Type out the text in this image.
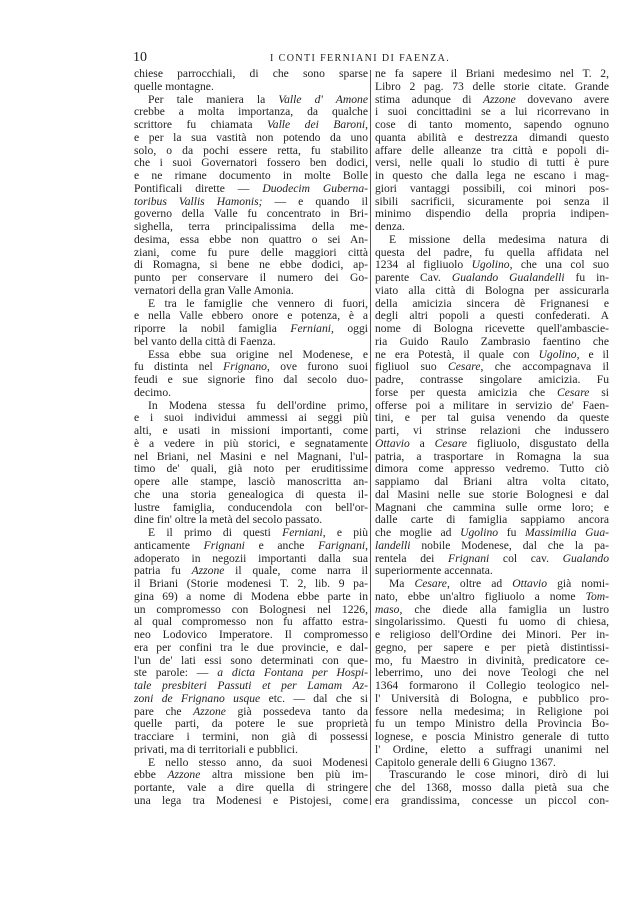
10	I CONTI FERNIANI DI FAENZA.
chiese parrocchiali, di che sono sparse
quelle montagne.
Per tale maniera la Valle d' Amone
crebbe a molta importanza, da qualche
scrittore fu chiamata Valle dei Baroni,
e per la sua vastità non potendo da uno
solo, o da pochi essere retta, fu stabilito
che i suoi Governatori fossero ben dodici,
e ne rimane documento in molte Bolle
Pontificali dirette — Duodecim Guberna-
toribus Vallis Hamonis; — e quando il
governo della Valle fu concentrato in Bri-
sighella, terra principalissima della me-
desima, essa ebbe non quattro o sei An-
ziani, come fu pure delle maggiori città
di Romagna, si bene ne ebbe dodici, ap-
punto per conservare il numero dei Go-
vernatori della gran Valle Amonia.
E tra le famiglie che vennero di fuori,
e nella Valle ebbero onore e potenza, è a
riporre la nobil famiglia Ferniani, oggi
bel vanto della città di Faenza.
Essa ebbe sua origine nel Modenese, e
fu distinta nel Frignano, ove furono suoi
feudi e sue signorie fino dal secolo duo-
decimo.
In Modena stessa fu dell'ordine primo,
e i suoi individui ammessi ai seggi più
alti, e usati in missioni importanti, come
è a vedere in più storici, e segnatamente
nel Briani, nel Masini e nel Magnani, l'ul-
timo de' quali, già noto per eruditissime
opere alle stampe, lasciò manoscritta an-
che una storia genealogica di questa il-
lustre famiglia, conducendola con bell'or-
dine fin' oltre la metà del secolo passato.
E il primo di questi Ferniani, e più
anticamente Frignani e anche Farignani,
adoperato in negozii importanti dalla sua
patria fu Azzone il quale, come narra il
il Briani (Storie modenesi T. 2, lib. 9 pa-
gina 69) a nome di Modena ebbe parte in
un compromesso con Bolognesi nel 1226,
al qual compromesso non fu affatto estra-
neo Lodovico Imperatore. Il compromesso
era per confini tra le due provincie, e dal-
l'un de' lati essi sono determinati con que-
ste parole: — a dicta Fontana per Hospi-
tale presbiteri Passuti et per Lamam Az-
zoni de Frignano usque etc. — dal che si
pare che Azzone già possedeva tanto da
quelle parti, da potere le sue proprietà
tracciare i termini, non già di possessi
privati, ma di territoriali e pubblici.
E nello stesso anno, da suoi Modenesi
ebbe Azzone altra missione ben più im-
portante, vale a dire quella di stringere
una lega tra Modenesi e Pistojesi, come
ne fa sapere il Briani medesimo nel T. 2,
Libro 2 pag. 73 delle storie citate. Grande
stima adunque di Azzone dovevano avere
i suoi concittadini se a lui ricorrevano in
cose di tanto momento, sapendo ognuno
quanta abilità e destrezza dimandi questo
affare delle alleanze tra città e popoli di-
versi, nelle quali lo studio di tutti è pure
in questo che dalla lega ne escano i mag-
giori vantaggi possibili, coi minori pos-
sibili sacrificii, sicuramente poi senza il
minimo dispendio della propria indipen-
denza.
E missione della medesima natura di
questa del padre, fu quella affidata nel
1234 al figliuolo Ugolino, che una col suo
parente Cav. Gualando Gualandelli fu in-
viato alla città di Bologna per assicurarla
della amicizia sincera dè Frignanesi e
degli altri popoli a questi confederati. A
nome di Bologna ricevette quell'ambascie-
ria Guido Raulo Zambrasio faentino che
ne era Potestà, il quale con Ugolino, e il
figliuol suo Cesare, che accompagnava il
padre, contrasse singolare amicizia. Fu
forse per questa amicizia che Cesare si
offerse poi a militare in servizio de' Faen-
tini, e per tal guisa venendo da queste
parti, vi strinse relazioni che indussero
Ottavio a Cesare figliuolo, disgustato della
patria, a trasportare in Romagna la sua
dimora come appresso vedremo. Tutto ciò
sappiamo dal Briani altra volta citato,
dal Masini nelle sue storie Bolognesi e dal
Magnani che cammina sulle orme loro; e
dalle carte di famiglia sappiamo ancora
che moglie ad Ugolino fu Massimilia Gua-
landelli nobile Modenese, dal che la pa-
rentela dei Frignani col cav. Gualando
superiormente accennata.
Ma Cesare, oltre ad Ottavio già nomi-
nato, ebbe un'altro figliuolo a nome Tom-
maso, che diede alla famiglia un lustro
singolarissimo. Questi fu uomo di chiesa,
e religioso dell'Ordine dei Minori. Per in-
gegno, per sapere e per pietà distintissi-
mo, fu Maestro in divinità, predicatore ce-
leberrimo, uno dei nove Teologi che nel
1364 formarono il Collegio teologico nel-
l' Università di Bologna, e pubblico pro-
fessore nella medesima; in Religione poi
fu un tempo Ministro della Provincia Bo-
lognese, e poscia Ministro generale di tutto
l' Ordine, eletto a suffragi unanimi nel
Capitolo generale delli 6 Giugno 1367.
Trascurando le cose minori, dirò di lui
che del 1368, mosso dalla pietà sua che
era grandissima, concesse un piccol con-
